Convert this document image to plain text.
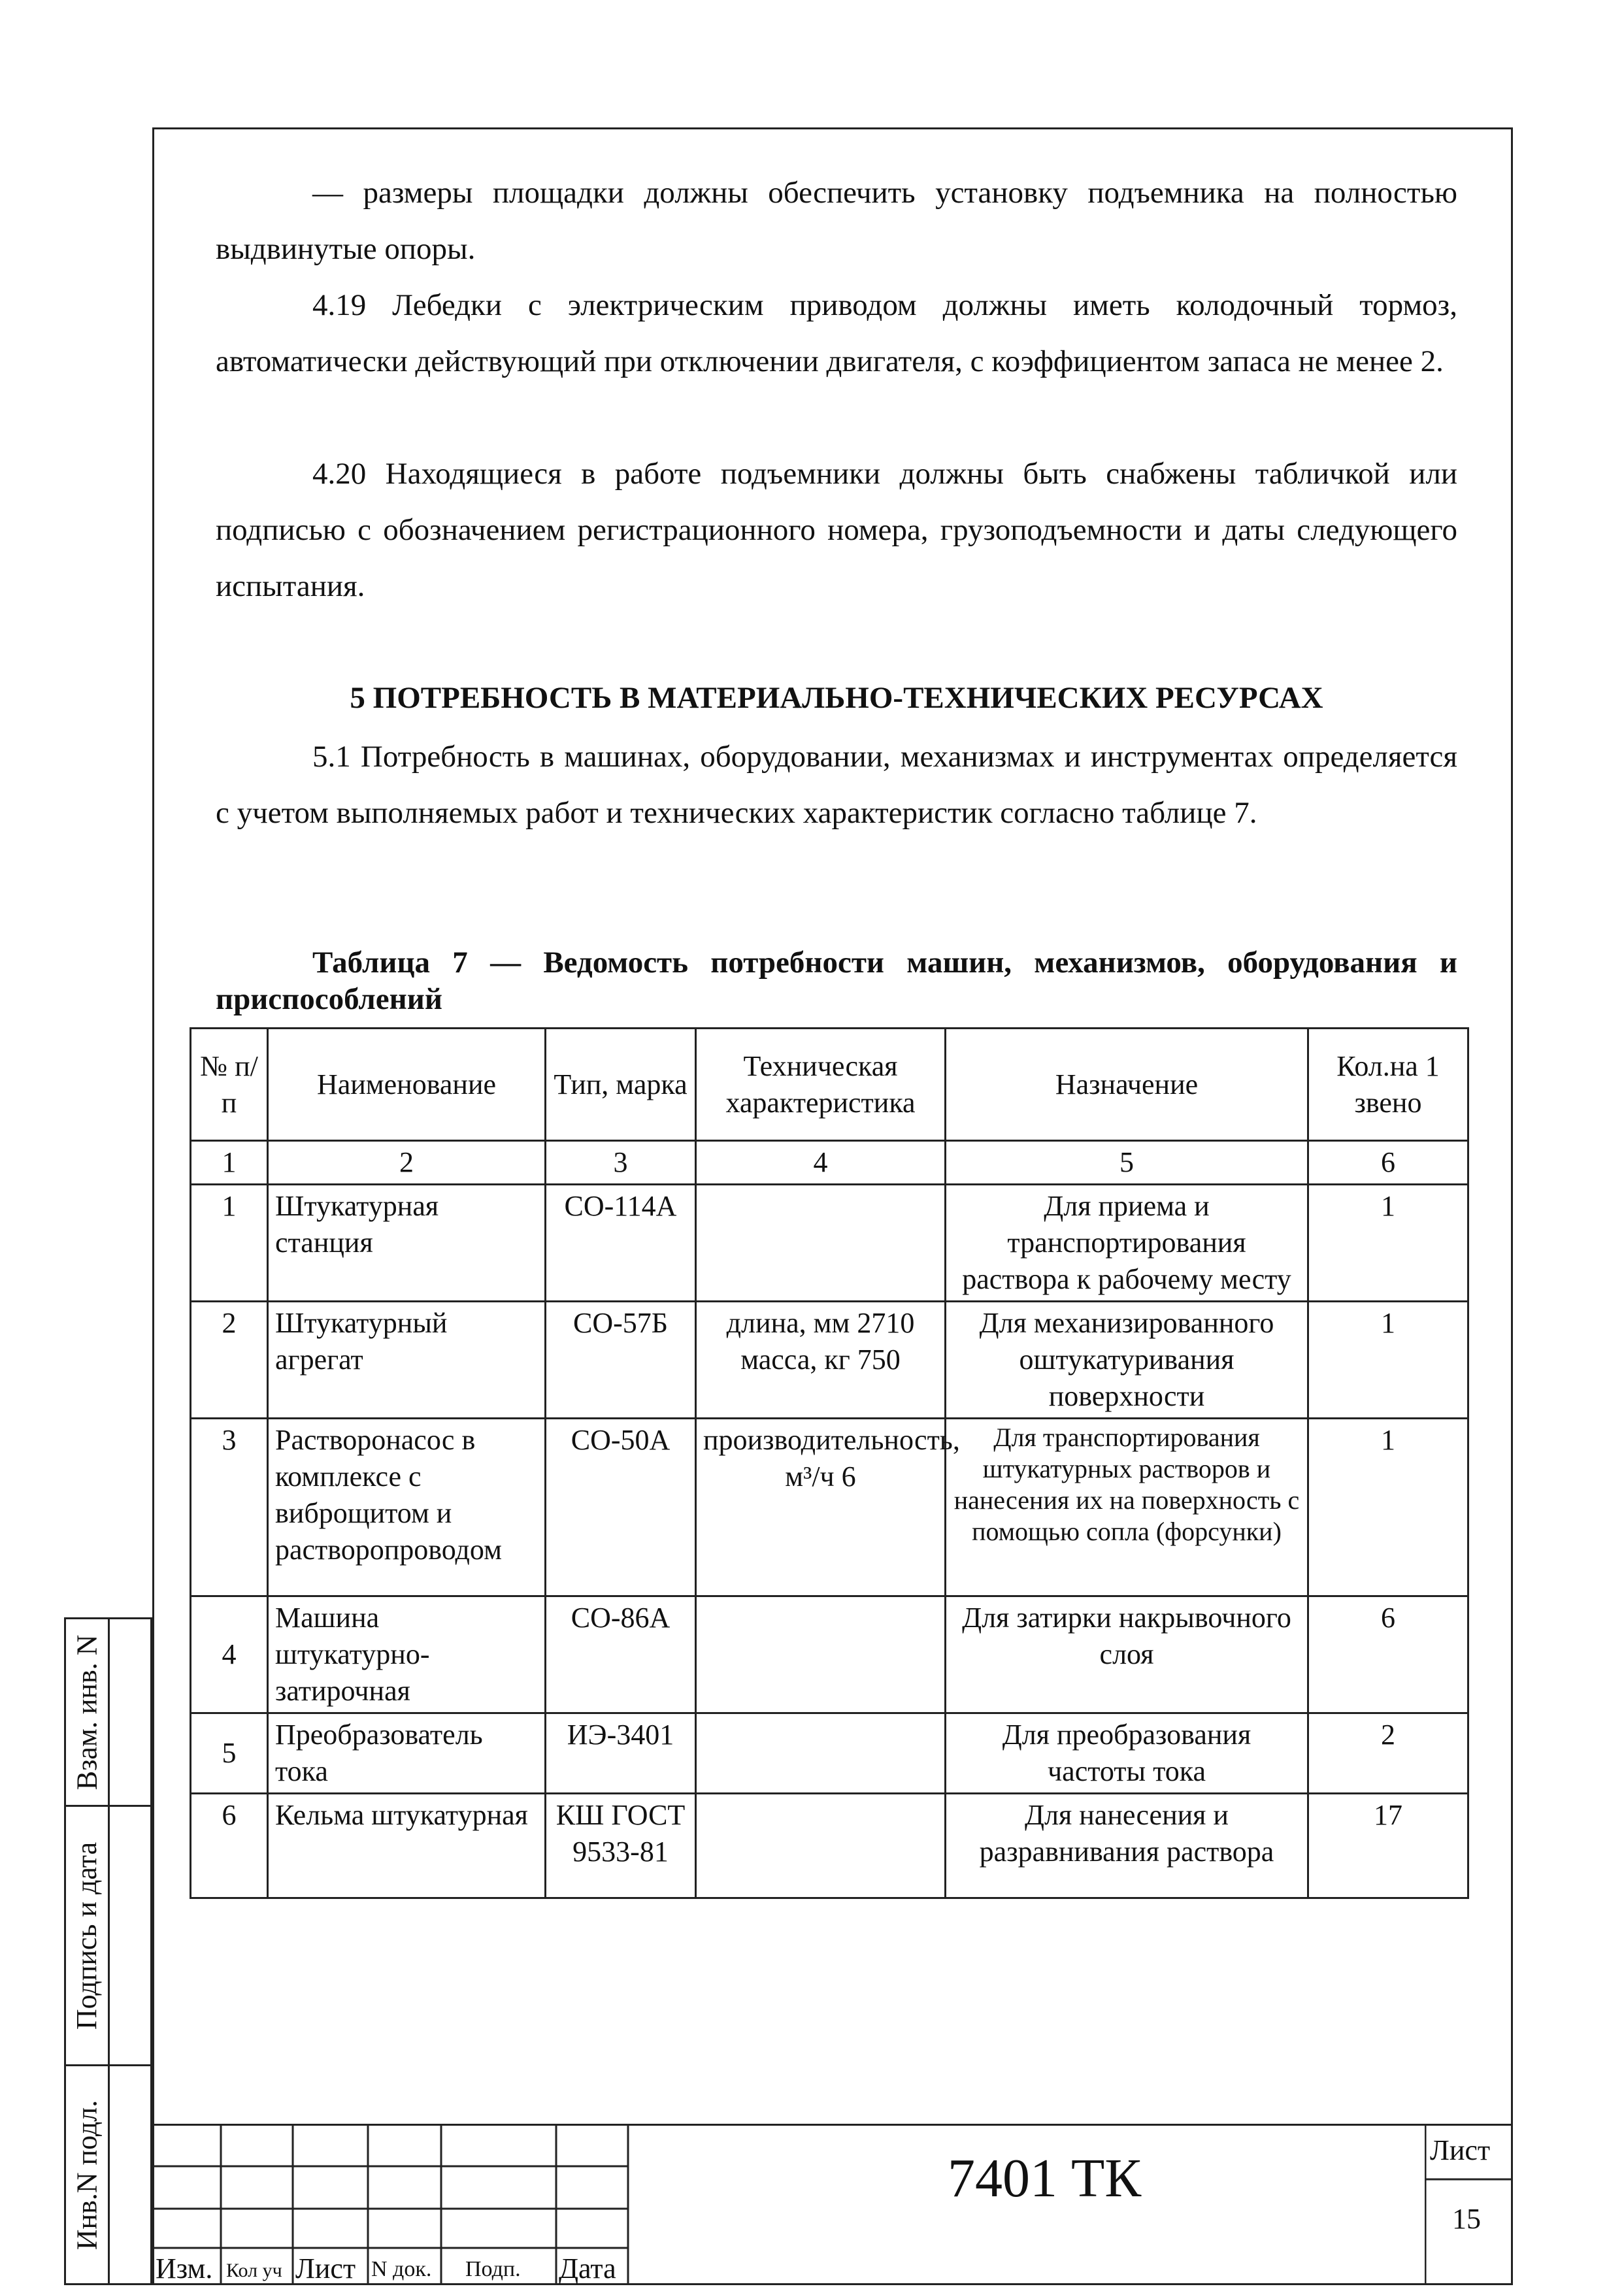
— размеры площадки должны обеспечить установку подъемника на полностью выдвинутые опоры.

4.19 Лебедки с электрическим приводом должны иметь колодочный тормоз, автоматически действующий при отключении двигателя, с коэффициентом запаса не менее 2.

4.20 Находящиеся в работе подъемники должны быть снабжены табличкой или подписью с обозначением регистрационного номера, грузоподъемности и даты следующего испытания.

5 ПОТРЕБНОСТЬ В МАТЕРИАЛЬНО-ТЕХНИЧЕСКИХ РЕСУРСАХ

5.1 Потребность в машинах, оборудовании, механизмах и инструментах определяется с учетом выполняемых работ и технических характеристик согласно таблице 7.

Таблица 7 — Ведомость потребности машин, механизмов, оборудования и приспособлений

№ п/п	Наименование	Тип, марка	Техническая характеристика	Назначение	Кол.на 1 звено
1	2	3	4	5	6
1	Штукатурная станция	СО-114А		Для приема и транспортирования раствора к рабочему месту	1
2	Штукатурный агрегат	СО-57Б	длина, мм 2710 масса, кг 750	Для механизированного оштукатуривания поверхности	1
3	Растворонасос в комплексе с виброщитом и растворопроводом	СО-50А	производительность, м³/ч 6	Для транспортирования штукатурных растворов и нанесения их на поверхность с помощью сопла (форсунки)	1
4	Машина штукатурно-затирочная	СО-86А		Для затирки накрывочного слоя	6
5	Преобразователь тока	ИЭ-3401		Для преобразования частоты тока	2
6	Кельма штукатурная	КШ ГОСТ 9533-81		Для нанесения и разравнивания раствора	17
Взам. инв. N
Подпись и дата
Инв.N подл.
Изм. Кол уч Лист N док. Подп. Дата
7401 ТК	Лист
15
